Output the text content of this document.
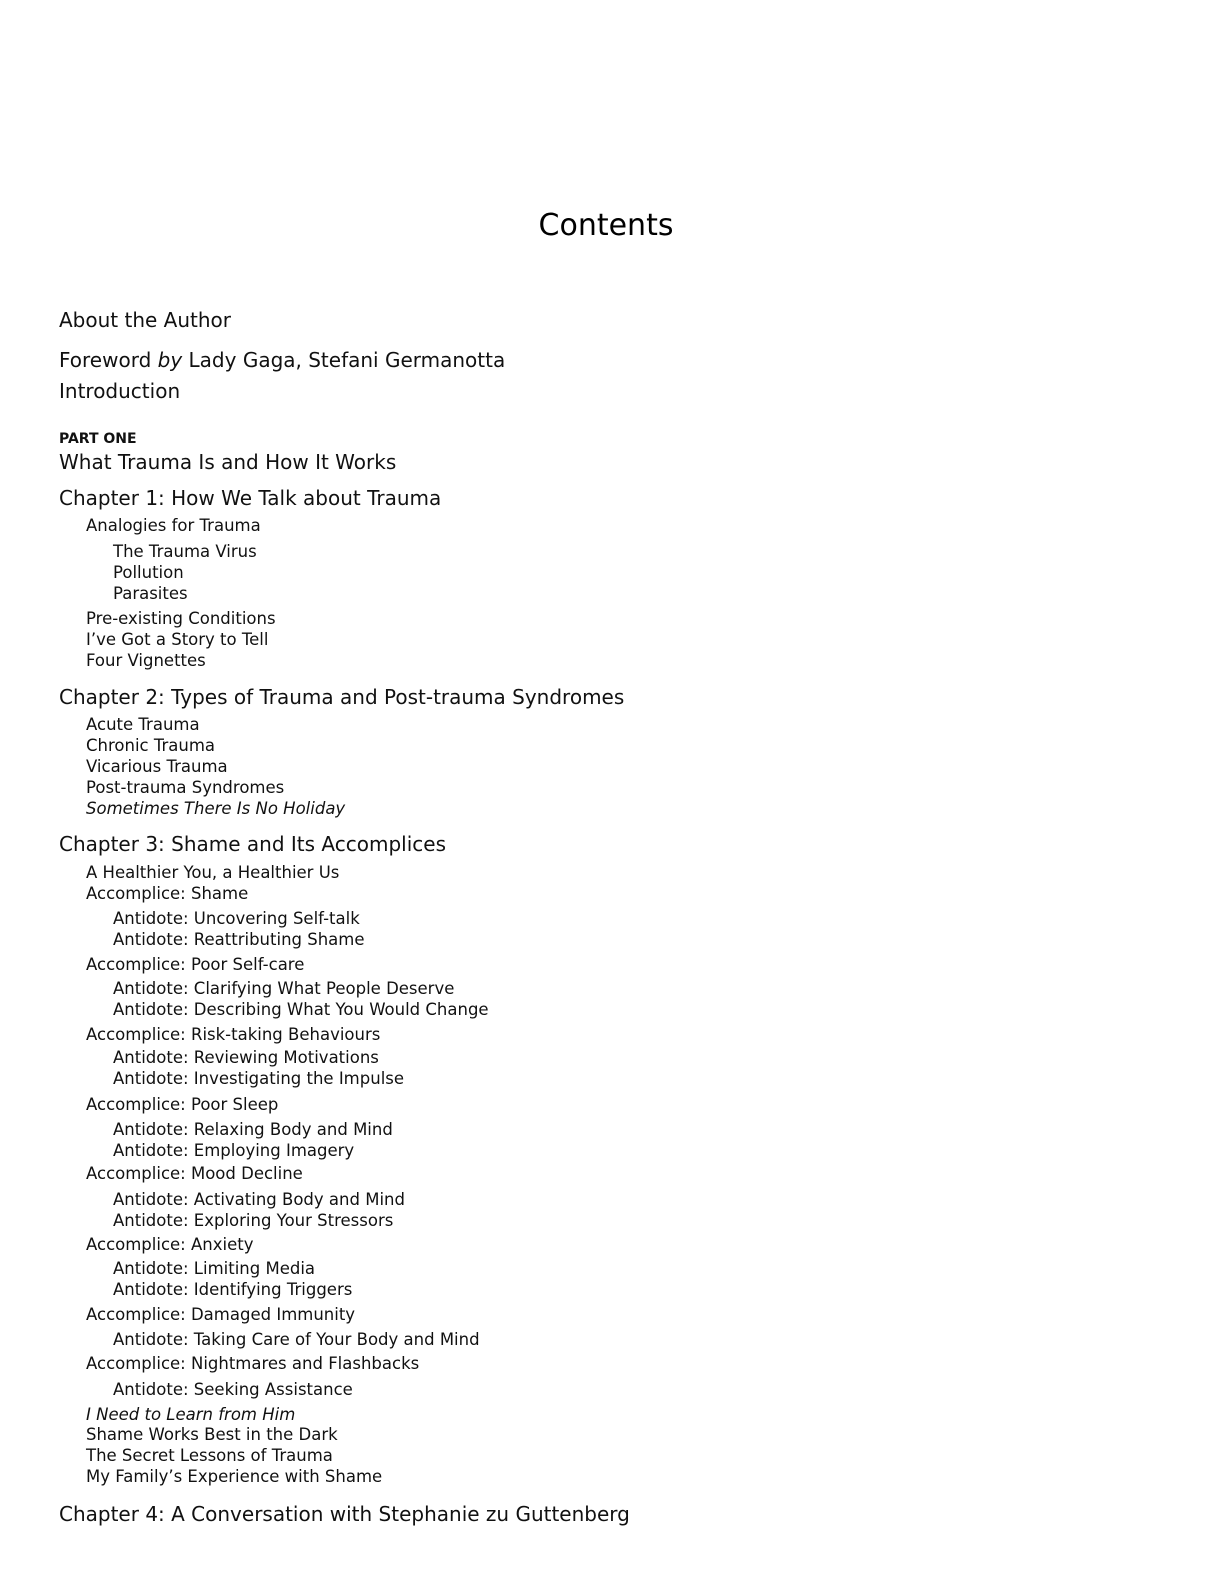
Contents
About the Author
Foreword by Lady Gaga, Stefani Germanotta
Introduction
PART ONE
What Trauma Is and How It Works
Chapter 1: How We Talk about Trauma
Analogies for Trauma
The Trauma Virus
Pollution
Parasites
Pre-existing Conditions
I’ve Got a Story to Tell
Four Vignettes
Chapter 2: Types of Trauma and Post-trauma Syndromes
Acute Trauma
Chronic Trauma
Vicarious Trauma
Post-trauma Syndromes
Sometimes There Is No Holiday
Chapter 3: Shame and Its Accomplices
A Healthier You, a Healthier Us
Accomplice: Shame
Antidote: Uncovering Self-talk
Antidote: Reattributing Shame
Accomplice: Poor Self-care
Antidote: Clarifying What People Deserve
Antidote: Describing What You Would Change
Accomplice: Risk-taking Behaviours
Antidote: Reviewing Motivations
Antidote: Investigating the Impulse
Accomplice: Poor Sleep
Antidote: Relaxing Body and Mind
Antidote: Employing Imagery
Accomplice: Mood Decline
Antidote: Activating Body and Mind
Antidote: Exploring Your Stressors
Accomplice: Anxiety
Antidote: Limiting Media
Antidote: Identifying Triggers
Accomplice: Damaged Immunity
Antidote: Taking Care of Your Body and Mind
Accomplice: Nightmares and Flashbacks
Antidote: Seeking Assistance
I Need to Learn from Him
Shame Works Best in the Dark
The Secret Lessons of Trauma
My Family’s Experience with Shame
Chapter 4: A Conversation with Stephanie zu Guttenberg
